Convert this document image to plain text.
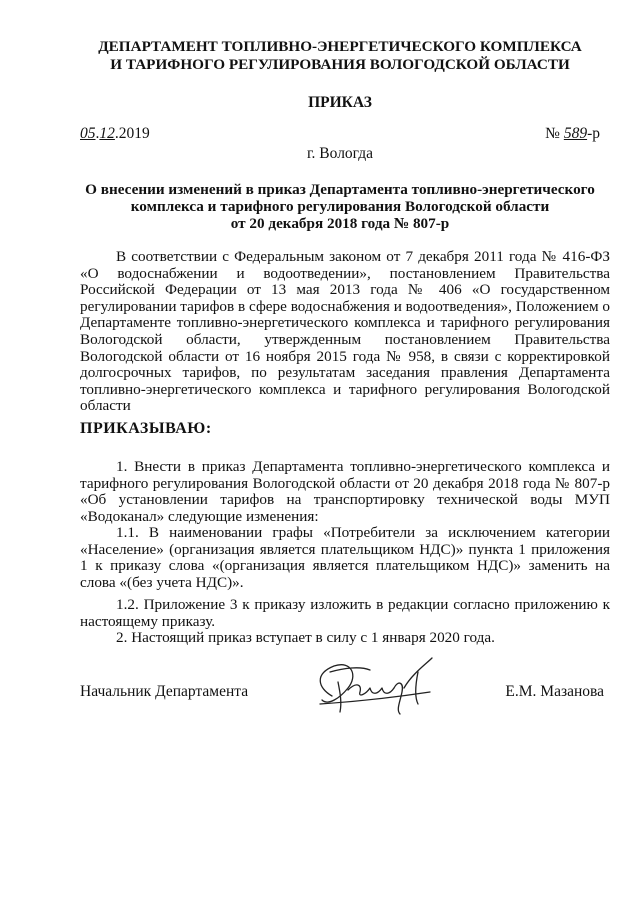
ДЕПАРТАМЕНТ ТОПЛИВНО-ЭНЕРГЕТИЧЕСКОГО КОМПЛЕКСА
И ТАРИФНОГО РЕГУЛИРОВАНИЯ ВОЛОГОДСКОЙ ОБЛАСТИ
ПРИКАЗ
05.12.2019	№ 589-р
г. Вологда
О внесении изменений в приказ Департамента топливно-энергетического
комплекса и тарифного регулирования Вологодской области
от 20 декабря 2018 года № 807-р

В соответствии с Федеральным законом от 7 декабря 2011 года № 416-ФЗ «О водоснабжении и водоотведении», постановлением Правительства Российской Федерации от 13 мая 2013 года № 406 «О государственном регулировании тарифов в сфере водоснабжения и водоотведения», Положением о Департаменте топливно-энергетического комплекса и тарифного регулирования Вологодской области, утвержденным постановлением Правительства Вологодской области от 16 ноября 2015 года № 958, в связи с корректировкой долгосрочных тарифов, по результатам заседания правления Департамента топливно-энергетического комплекса и тарифного регулирования Вологодской области

ПРИКАЗЫВАЮ:

1. Внести в приказ Департамента топливно-энергетического комплекса и тарифного регулирования Вологодской области от 20 декабря 2018 года № 807-р «Об установлении тарифов на транспортировку технической воды МУП «Водоканал» следующие изменения:

1.1. В наименовании графы «Потребители за исключением категории «Население» (организация является плательщиком НДС)» пункта 1 приложения 1 к приказу слова «(организация является плательщиком НДС)» заменить на слова «(без учета НДС)».

1.2. Приложение 3 к приказу изложить в редакции согласно приложению к настоящему приказу.

2. Настоящий приказ вступает в силу с 1 января 2020 года.

Начальник Департамента	Е.М. Мазанова
